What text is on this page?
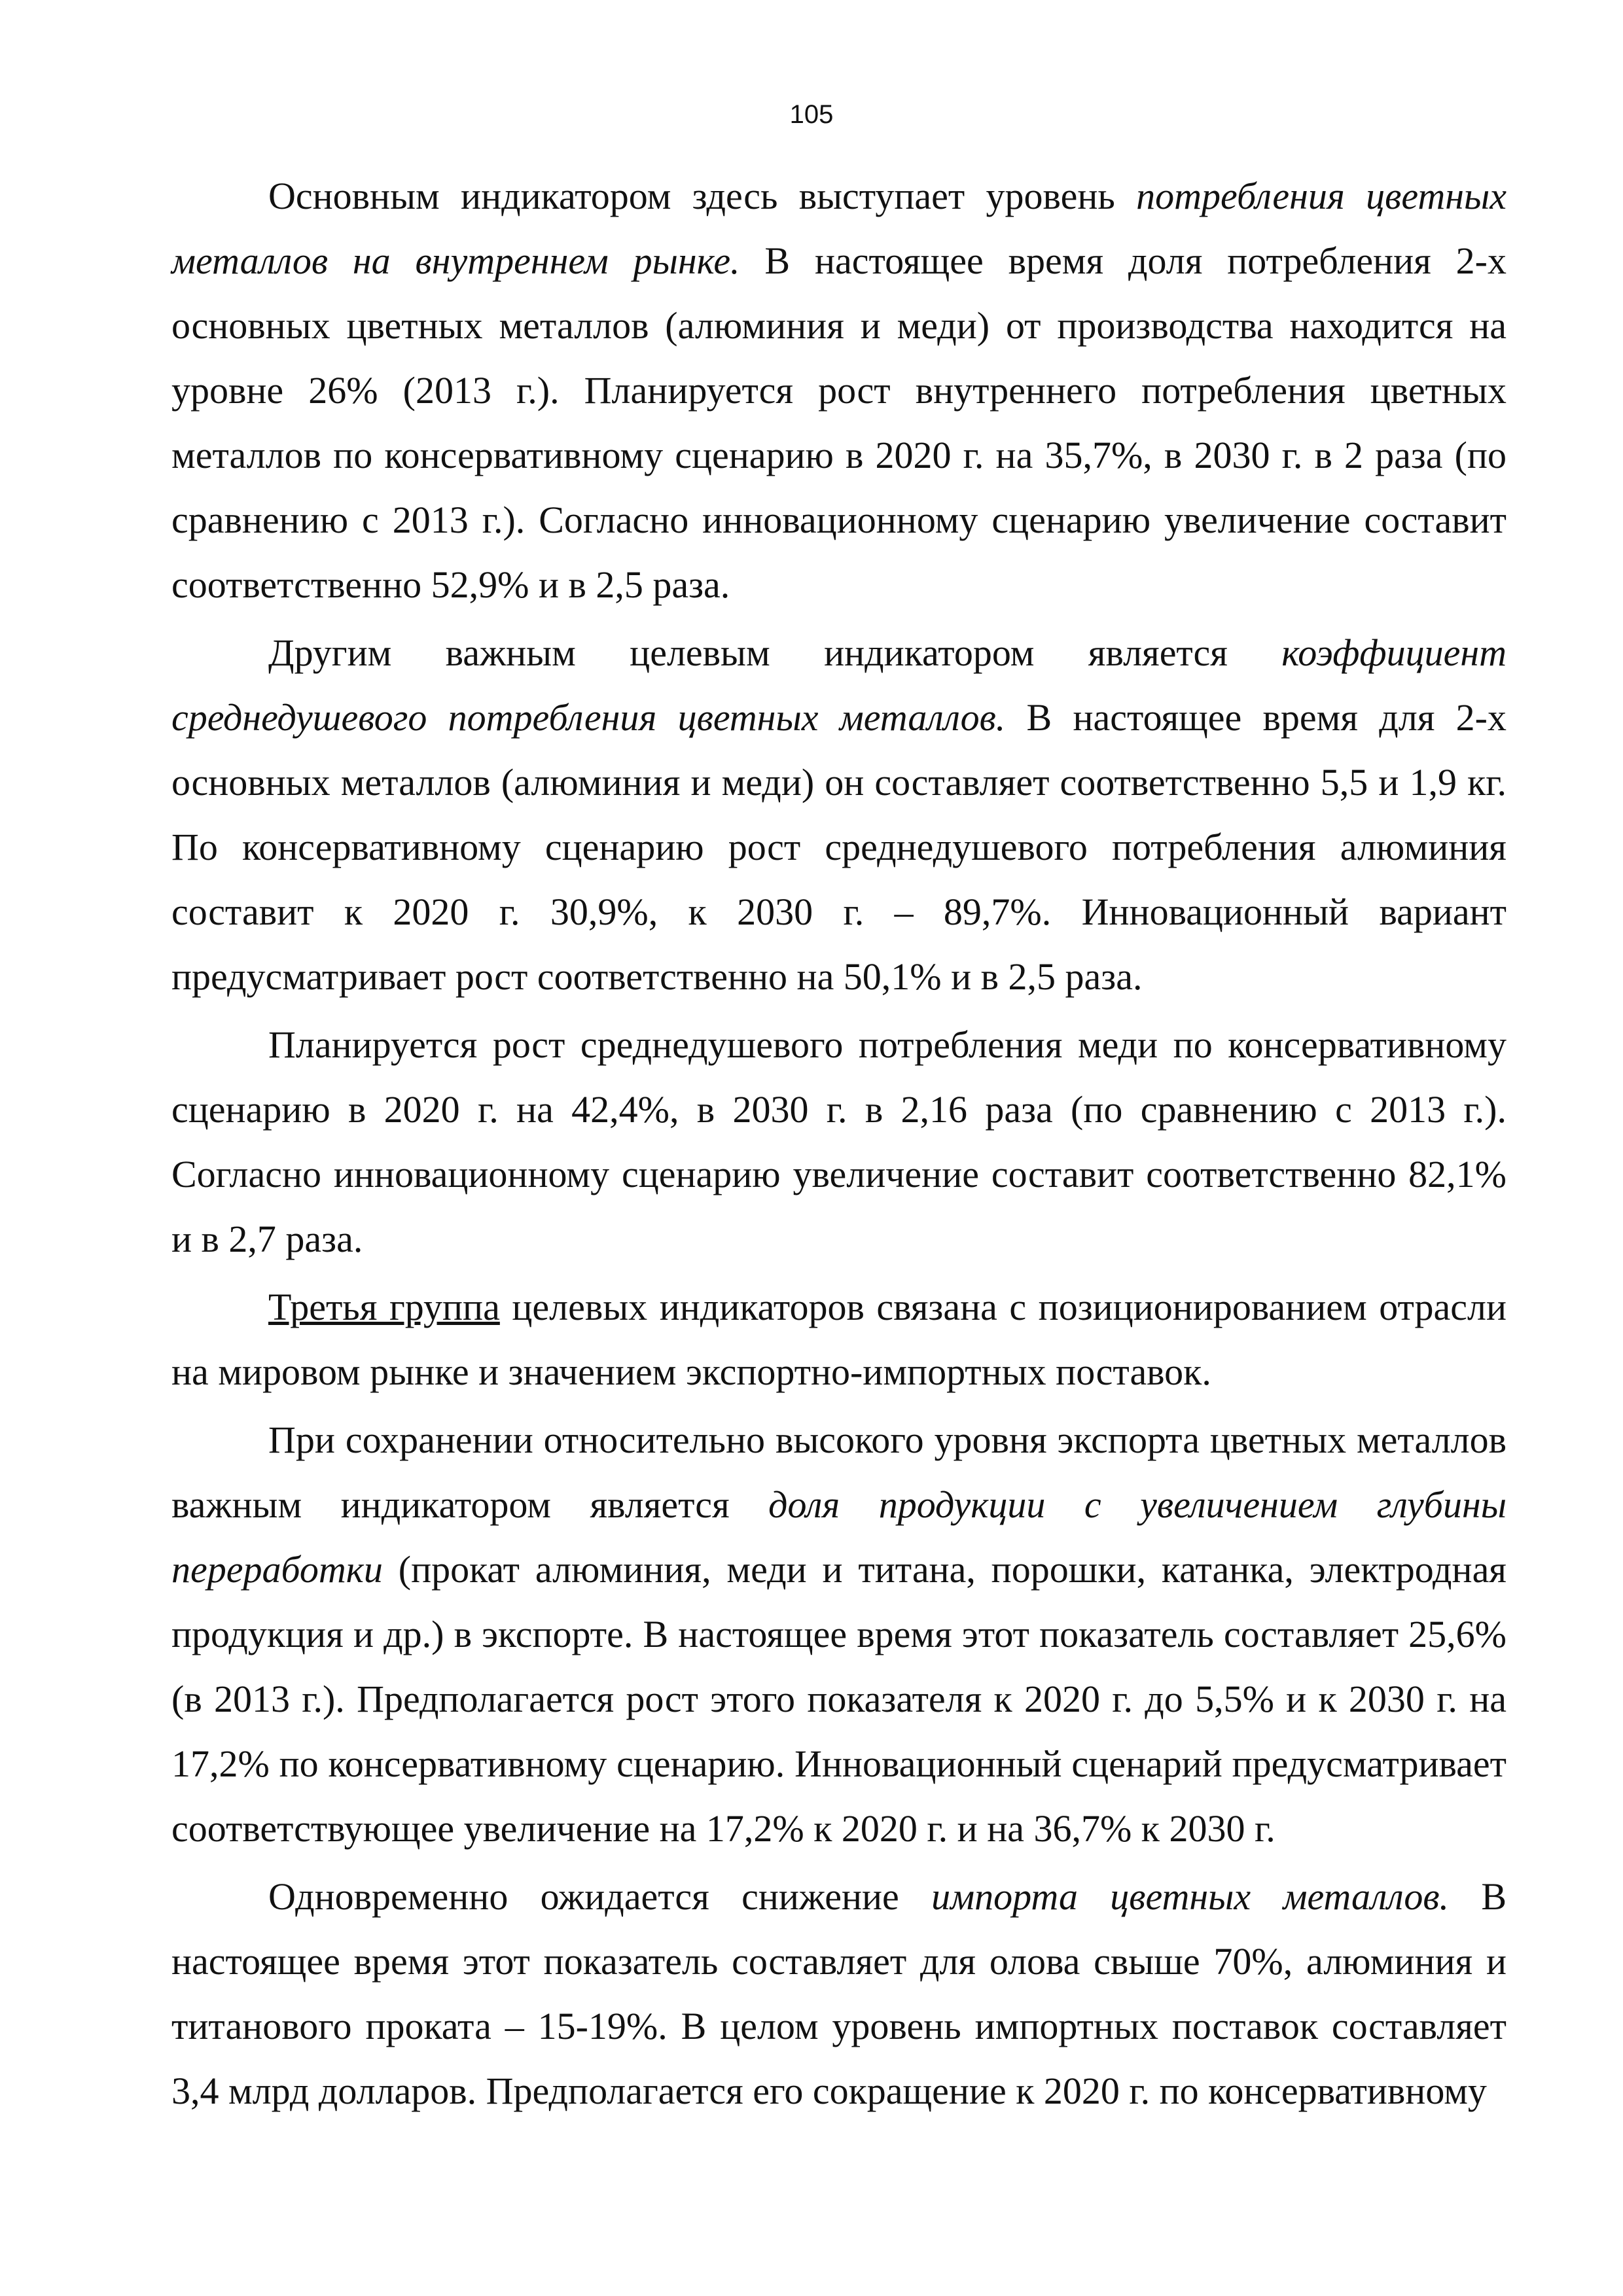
105

Основным индикатором здесь выступает уровень потребления цветных металлов на внутреннем рынке. В настоящее время доля потребления 2-х основных цветных металлов (алюминия и меди) от производства находится на уровне 26% (2013 г.). Планируется рост внутреннего потребления цветных металлов по консервативному сценарию в 2020 г. на 35,7%, в 2030 г. в 2 раза (по сравнению с 2013 г.). Согласно инновационному сценарию увеличение составит соответственно 52,9% и в 2,5 раза.

Другим важным целевым индикатором является коэффициент среднедушевого потребления цветных металлов. В настоящее время для 2-х основных металлов (алюминия и меди) он составляет соответственно 5,5 и 1,9 кг. По консервативному сценарию рост среднедушевого потребления алюминия составит к 2020 г. 30,9%, к 2030 г. – 89,7%. Инновационный вариант предусматривает рост соответственно на 50,1% и в 2,5 раза.

Планируется рост среднедушевого потребления меди по консервативному сценарию в 2020 г. на 42,4%, в 2030 г. в 2,16 раза (по сравнению с 2013 г.). Согласно инновационному сценарию увеличение составит соответственно 82,1% и в 2,7 раза.

Третья группа целевых индикаторов связана с позиционированием отрасли на мировом рынке и значением экспортно-импортных поставок.

При сохранении относительно высокого уровня экспорта цветных металлов важным индикатором является доля продукции с увеличением глубины переработки (прокат алюминия, меди и титана, порошки, катанка, электродная продукция и др.) в экспорте. В настоящее время этот показатель составляет 25,6% (в 2013 г.). Предполагается рост этого показателя к 2020 г. до 5,5% и к 2030 г. на 17,2% по консервативному сценарию. Инновационный сценарий предусматривает соответствующее увеличение на 17,2% к 2020 г. и на 36,7% к 2030 г.

Одновременно ожидается снижение импорта цветных металлов. В настоящее время этот показатель составляет для олова свыше 70%, алюминия и титанового проката – 15-19%. В целом уровень импортных поставок составляет 3,4 млрд долларов. Предполагается его сокращение к 2020 г. по консервативному
